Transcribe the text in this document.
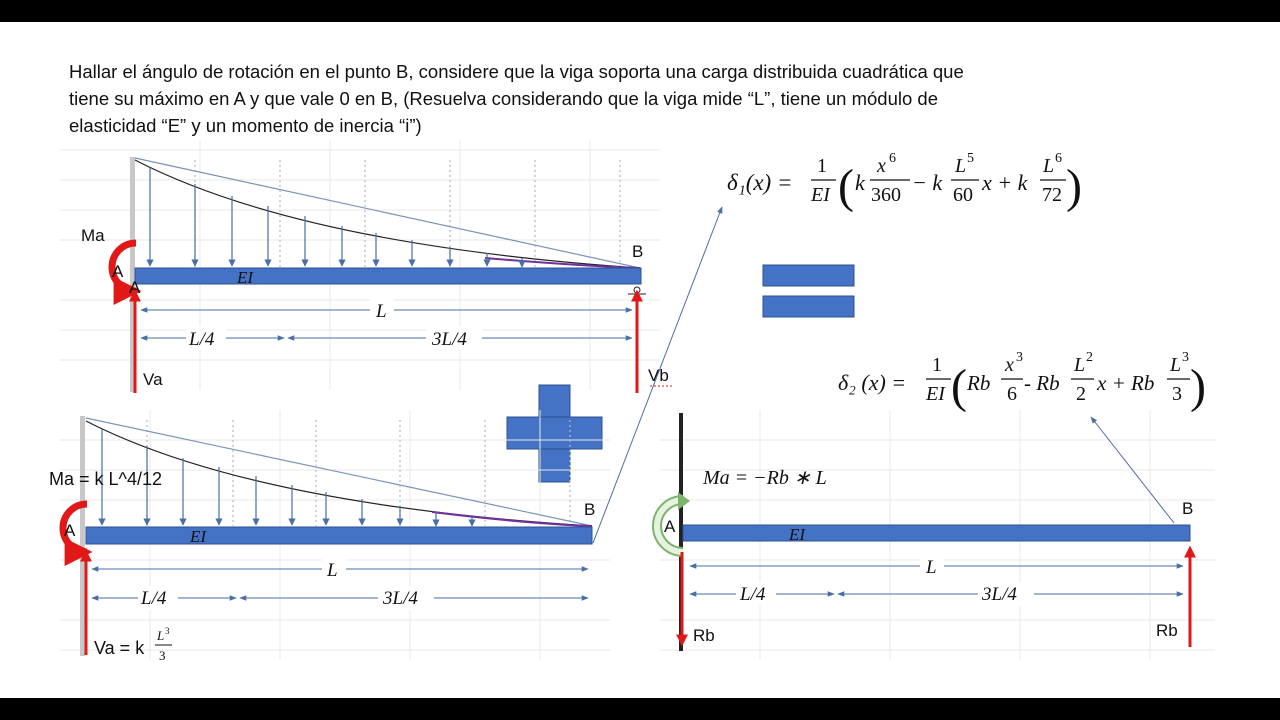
Hallar el ángulo de rotación en el punto B, considere que la viga soporta una carga distribuida cuadrática que
tiene su máximo en A y que vale 0 en B, (Resuelva considerando que la viga mide “L”, tiene un módulo de
elasticidad “E” y un momento de inercia “i”)
EI
Ma
A
A
B
Va	Vb
L
L/4	3L/4
δ₁(x) =
1
EI ( k
x 6
360 − k
L 5
60 x + k
L 6
72 )
δ₂ (x) =
1
EI ( Rb
x 3
6 - Rb
L 2
2 x + Rb
L 3
3 )
EI
Ma = k L^4/12
A
B
Va = k
L 3
3
L
L/4	3L/4
EI
Ma = −Rb ∗ L
A
B
Rb	Rb
L
L/4	3L/4
